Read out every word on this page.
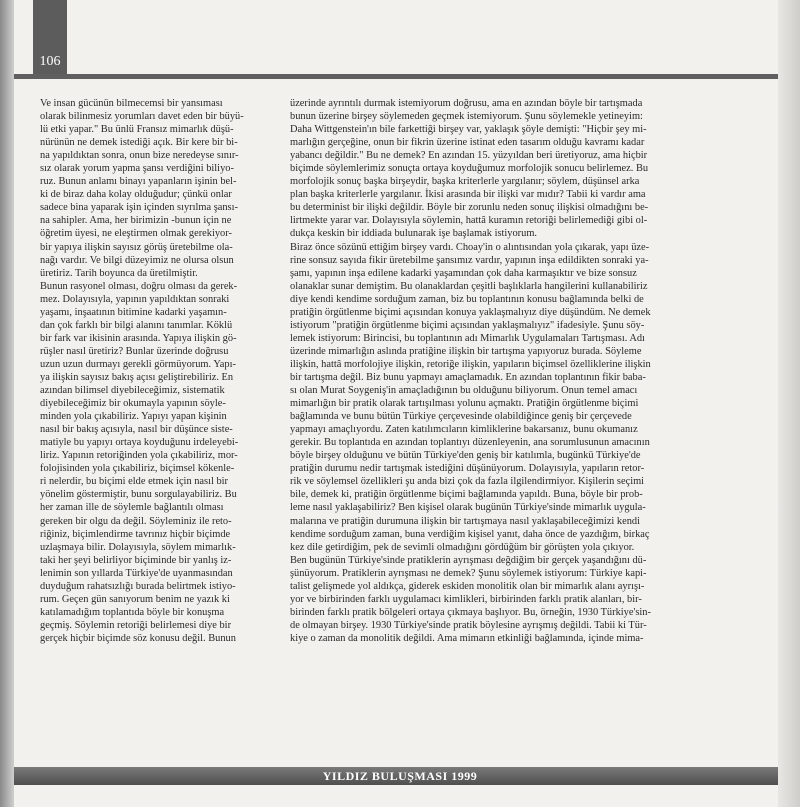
106
Ve insan gücünün bilmecemsi bir yansıması
olarak bilinmesiz yorumları davet eden bir büyü-
lü etki yapar." Bu ünlü Fransız mimarlık düşü-
nürünün ne demek istediği açık. Bir kere bir bi-
na yapıldıktan sonra, onun bize neredeyse sınır-
sız olarak yorum yapma şansı verdiğini biliyo-
ruz. Bunun anlamı binayı yapanların işinin bel-
ki de biraz daha kolay olduğudur; çünkü onlar
sadece bina yaparak işin içinden sıyrılma şansı-
na sahipler. Ama, her birimizin -bunun için ne
öğretim üyesi, ne eleştirmen olmak gerekiyor-
bir yapıya ilişkin sayısız görüş üretebilme ola-
nağı vardır. Ve bilgi düzeyimiz ne olursa olsun
üretiriz. Tarih boyunca da üretilmiştir.
Bunun rasyonel olması, doğru olması da gerek-
mez. Dolayısıyla, yapının yapıldıktan sonraki
yaşamı, inşaatının bitimine kadarki yaşamın-
dan çok farklı bir bilgi alanını tanımlar. Köklü
bir fark var ikisinin arasında. Yapıya ilişkin gö-
rüşler nasıl üretiriz? Bunlar üzerinde doğrusu
uzun uzun durmayı gerekli görmüyorum. Yapı-
ya ilişkin sayısız bakış açısı geliştirebiliriz. En
azından bilimsel diyebileceğimiz, sistematik
diyebileceğimiz bir okumayla yapının söyle-
minden yola çıkabiliriz. Yapıyı yapan kişinin
nasıl bir bakış açısıyla, nasıl bir düşünce siste-
matiyle bu yapıyı ortaya koyduğunu irdeleyebi-
liriz. Yapının retoriğinden yola çıkabiliriz, mor-
folojisinden yola çıkabiliriz, biçimsel kökenle-
ri nelerdir, bu biçimi elde etmek için nasıl bir
yönelim göstermiştir, bunu sorgulayabiliriz. Bu
her zaman ille de söylemle bağlantılı olması
gereken bir olgu da değil. Söyleminiz ile reto-
riğiniz, biçimlendirme tavrınız hiçbir biçimde
uzlaşmaya bilir. Dolayısıyla, söylem mimarlık-
taki her şeyi belirliyor biçiminde bir yanlış iz-
lenimin son yıllarda Türkiye'de uyanmasından
duyduğum rahatsızlığı burada belirtmek istiyo-
rum. Geçen gün sanıyorum benim ne yazık ki
katılamadığım toplantıda böyle bir konuşma
geçmiş. Söylemin retoriği belirlemesi diye bir
gerçek hiçbir biçimde söz konusu değil. Bunun
üzerinde ayrıntılı durmak istemiyorum doğrusu, ama en azından böyle bir tartışmada
bunun üzerine birşey söylemeden geçmek istemiyorum. Şunu söylemekle yetineyim:
Daha Wittgenstein'ın bile farkettiği birşey var, yaklaşık şöyle demişti: "Hiçbir şey mi-
marlığın gerçeğine, onun bir fikrin üzerine istinat eden tasarım olduğu kavramı kadar
yabancı değildir." Bu ne demek? En azından 15. yüzyıldan beri üretiyoruz, ama hiçbir
biçimde söylemlerimiz sonuçta ortaya koyduğumuz morfolojik sonucu belirlemez. Bu
morfolojik sonuç başka birşeydir, başka kriterlerle yargılanır; söylem, düşünsel arka
plan başka kriterlerle yargılanır. İkisi arasında bir ilişki var mıdır? Tabii ki vardır ama
bu determinist bir ilişki değildir. Böyle bir zorunlu neden sonuç ilişkisi olmadığını be-
lirtmekte yarar var. Dolayısıyla söylemin, hattâ kuramın retoriği belirlemediği gibi ol-
dukça keskin bir iddiada bulunarak işe başlamak istiyorum.
Biraz önce sözünü ettiğim birşey vardı. Choay'in o alıntısından yola çıkarak, yapı üze-
rine sonsuz sayıda fikir üretebilme şansımız vardır, yapının inşa edildikten sonraki ya-
şamı, yapının inşa edilene kadarki yaşamından çok daha karmaşıktır ve bize sonsuz
olanaklar sunar demiştim. Bu olanaklardan çeşitli başlıklarla hangilerini kullanabiliriz
diye kendi kendime sorduğum zaman, biz bu toplantının konusu bağlamında belki de
pratiğin örgütlenme biçimi açısından konuya yaklaşmalıyız diye düşündüm. Ne demek
istiyorum "pratiğin örgütlenme biçimi açısından yaklaşmalıyız" ifadesiyle. Şunu söy-
lemek istiyorum: Birincisi, bu toplantının adı Mimarlık Uygulamaları Tartışması. Adı
üzerinde mimarlığın aslında pratiğine ilişkin bir tartışma yapıyoruz burada. Söyleme
ilişkin, hattâ morfolojiye ilişkin, retoriğe ilişkin, yapıların biçimsel özelliklerine ilişkin
bir tartışma değil. Biz bunu yapmayı amaçlamadık. En azından toplantının fikir baba-
sı olan Murat Soygeniş'in amaçladığının bu olduğunu biliyorum. Onun temel amacı
mimarlığın bir pratik olarak tartışılması yolunu açmaktı. Pratiğin örgütlenme biçimi
bağlamında ve bunu bütün Türkiye çerçevesinde olabildiğince geniş bir çerçevede
yapmayı amaçlıyordu. Zaten katılımcıların kimliklerine bakarsanız, bunu okumanız
gerekir. Bu toplantıda en azından toplantıyı düzenleyenin, ana sorumlusunun amacının
böyle birşey olduğunu ve bütün Türkiye'den geniş bir katılımla, bugünkü Türkiye'de
pratiğin durumu nedir tartışmak istediğini düşünüyorum. Dolayısıyla, yapıların retor-
rik ve söylemsel özellikleri şu anda bizi çok da fazla ilgilendirmiyor. Kişilerin seçimi
bile, demek ki, pratiğin örgütlenme biçimi bağlamında yapıldı. Buna, böyle bir prob-
leme nasıl yaklaşabiliriz? Ben kişisel olarak bugünün Türkiye'sinde mimarlık uygula-
malarına ve pratiğin durumuna ilişkin bir tartışmaya nasıl yaklaşabileceğimizi kendi
kendime sorduğum zaman, buna verdiğim kişisel yanıt, daha önce de yazdığım, birkaç
kez dile getirdiğim, pek de sevimli olmadığını gördüğüm bir görüşten yola çıkıyor.
Ben bugünün Türkiye'sinde pratiklerin ayrışması değdiğim bir gerçek yaşandığını dü-
şünüyorum. Pratiklerin ayrışması ne demek? Şunu söylemek istiyorum: Türkiye kapi-
talist gelişmede yol aldıkça, giderek eskiden monolitik olan bir mimarlık alanı ayrışı-
yor ve birbirinden farklı uygulamacı kimlikleri, birbirinden farklı pratik alanları, bir-
birinden farklı pratik bölgeleri ortaya çıkmaya başlıyor. Bu, örneğin, 1930 Türkiye'sin-
de olmayan birşey. 1930 Türkiye'sinde pratik böylesine ayrışmış değildi. Tabii ki Tür-
kiye o zaman da monolitik değildi. Ama mimarın etkinliği bağlamında, içinde mima-
YILDIZ BULUŞMASI 1999
